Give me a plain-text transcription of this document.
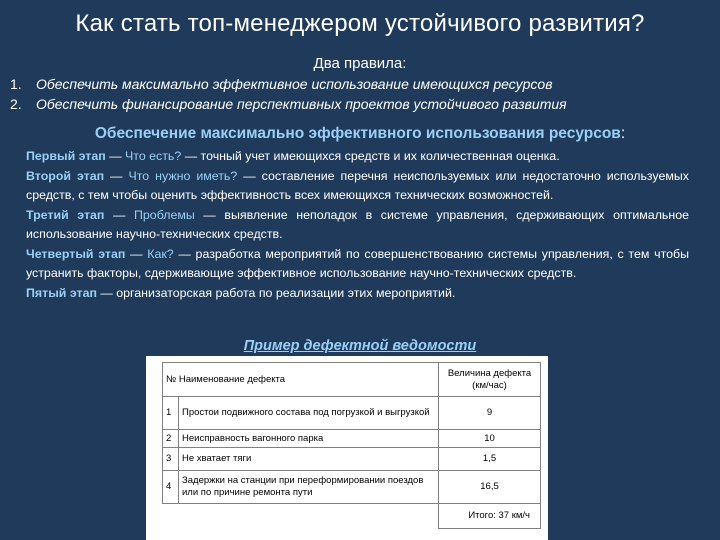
Как стать топ-менеджером устойчивого развития?
Два правила:
1. Обеспечить максимально эффективное использование имеющихся ресурсов
2. Обеспечить финансирование перспективных проектов устойчивого развития
Обеспечение максимально эффективного использования ресурсов:

Первый этап — Что есть? — точный учет имеющихся средств и их количественная оценка.

Второй этап — Что нужно иметь? — составление перечня неиспользуемых или недостаточно используемых средств, с тем чтобы оценить эффективность всех имеющихся технических возможностей.

Третий этап — Проблемы — выявление неполадок в системе управления, сдерживающих оптимальное использование научно-технических средств.

Четвертый этап — Как? — разработка мероприятий по совершенствованию системы управления, с тем чтобы устранить факторы, сдерживающие эффективное использование научно-технических средств.

Пятый этап — организаторская работа по реализации этих мероприятий.

Пример дефектной ведомости
№ Наименование дефекта		Величина дефекта (км/час)
1	Простои подвижного состава под погрузкой и выгрузкой	9
2	Неисправность вагонного парка	10
3	Не хватает тяги	1,5
4	Задержки на станции при переформировании поездов или по причине ремонта пути	16,5
		Итого: 37 км/ч
